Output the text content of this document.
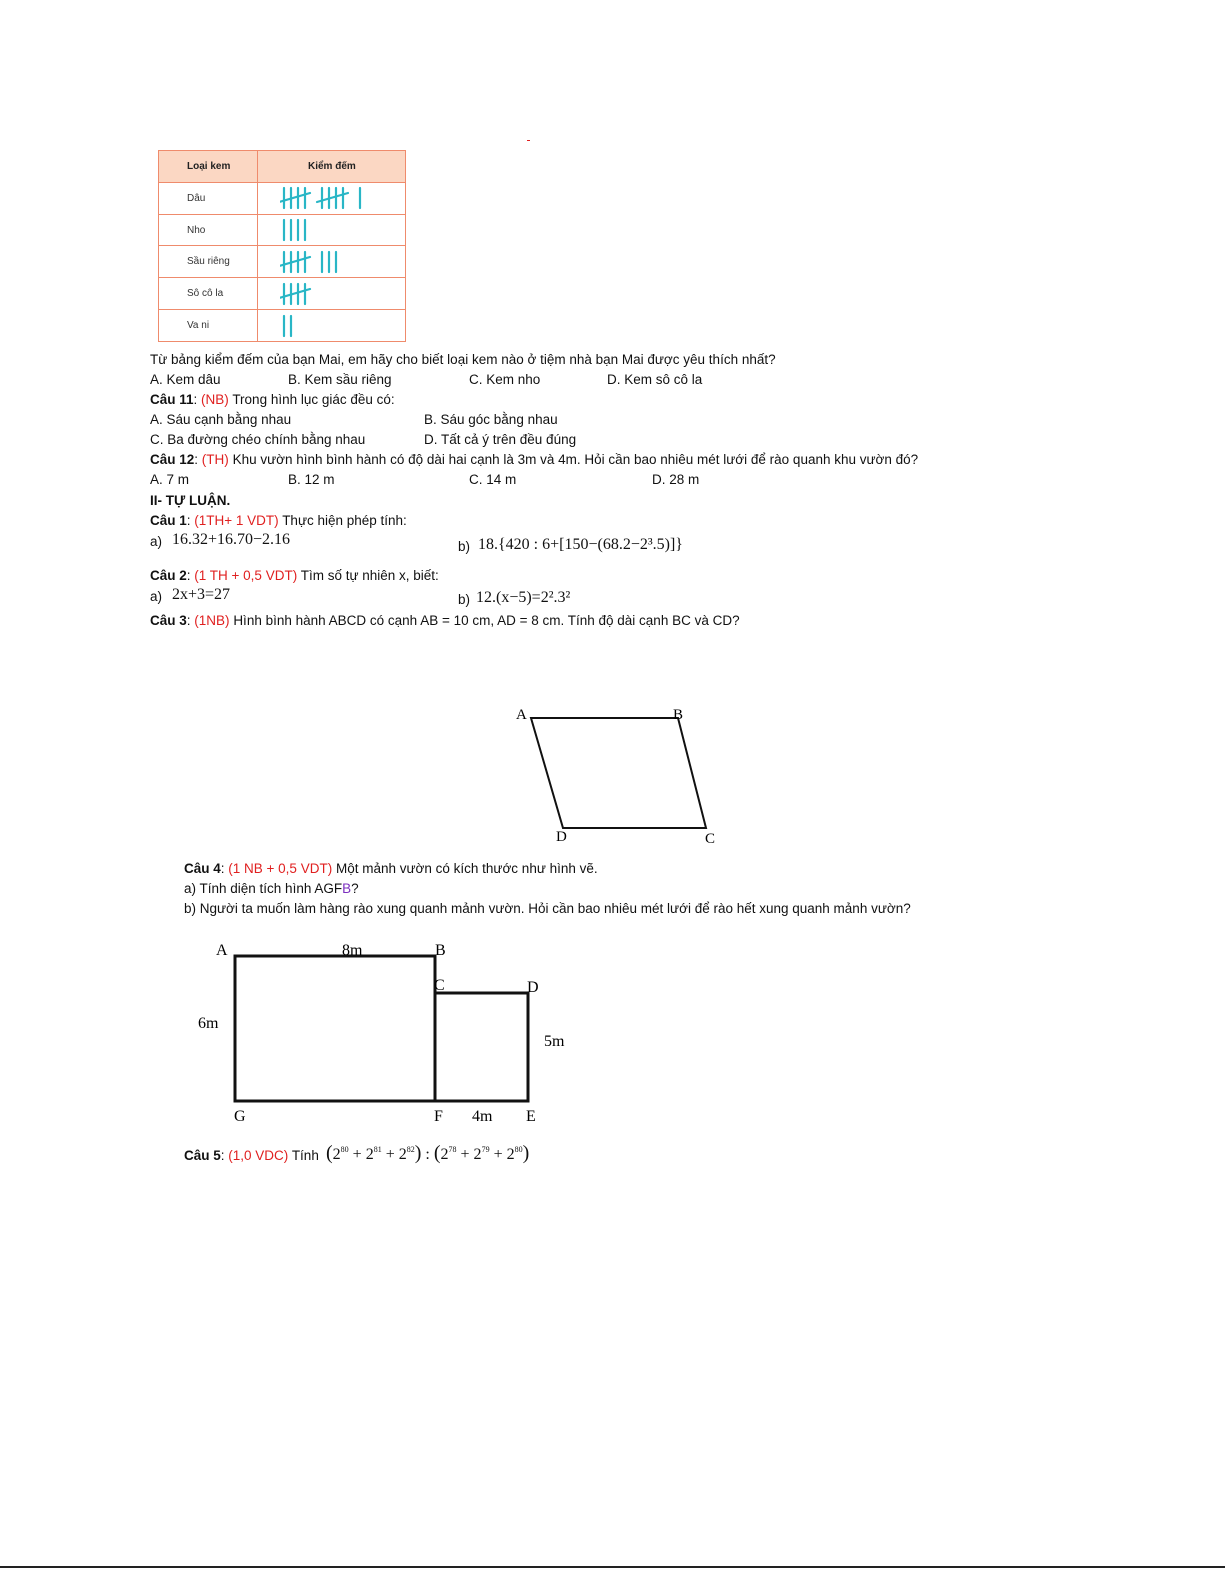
Loại kem	Kiểm đếm
Dâu	

Nho	

Sầu riêng	

Sô cô la	

Va ni	
Từ bảng kiểm đếm của bạn Mai, em hãy cho biết loại kem nào ở tiệm nhà bạn Mai được yêu thích nhất?
A. Kem dâu	B. Kem sầu riêng	C. Kem nho	D. Kem sô cô la
Câu 11: (NB) Trong hình lục giác đều có:
A. Sáu cạnh bằng nhau	B. Sáu góc bằng nhau
C. Ba đường chéo chính bằng nhau	D. Tất cả ý trên đều đúng
Câu 12: (TH) Khu vườn hình bình hành có độ dài hai cạnh là 3m và 4m. Hỏi cần bao nhiêu mét lưới để rào quanh khu vườn đó?
A. 7 m	B. 12 m	C. 14 m	D. 28 m
II- TỰ LUẬN.
Câu 1: (1TH+ 1 VDT) Thực hiện phép tính:
a) 16.32+16.70−2.16	b) 18.{420 : 6+[150−(68.2−2³.5)]}
Câu 2: (1 TH + 0,5 VDT) Tìm số tự nhiên x, biết:
a) 2x+3=27	b) 12.(x−5)=2².3²
Câu 3: (1NB) Hình bình hành ABCD có cạnh AB = 10 cm, AD = 8 cm. Tính độ dài cạnh BC và CD?
A	B
C
D
Câu 4: (1 NB + 0,5 VDT) Một mảnh vườn có kích thước như hình vẽ.
a) Tính diện tích hình AGFB?
b) Người ta muốn làm hàng rào xung quanh mảnh vườn. Hỏi cần bao nhiêu mét lưới để rào hết xung quanh mảnh vườn?
A	B
C	D
E
F
G
8m
6m
5m
4m
Câu 5: (1,0 VDC) Tính $(2^{80} + 2^{81} + 2^{82})$ : $(2^{78} + 2^{79} + 2^{80})$
